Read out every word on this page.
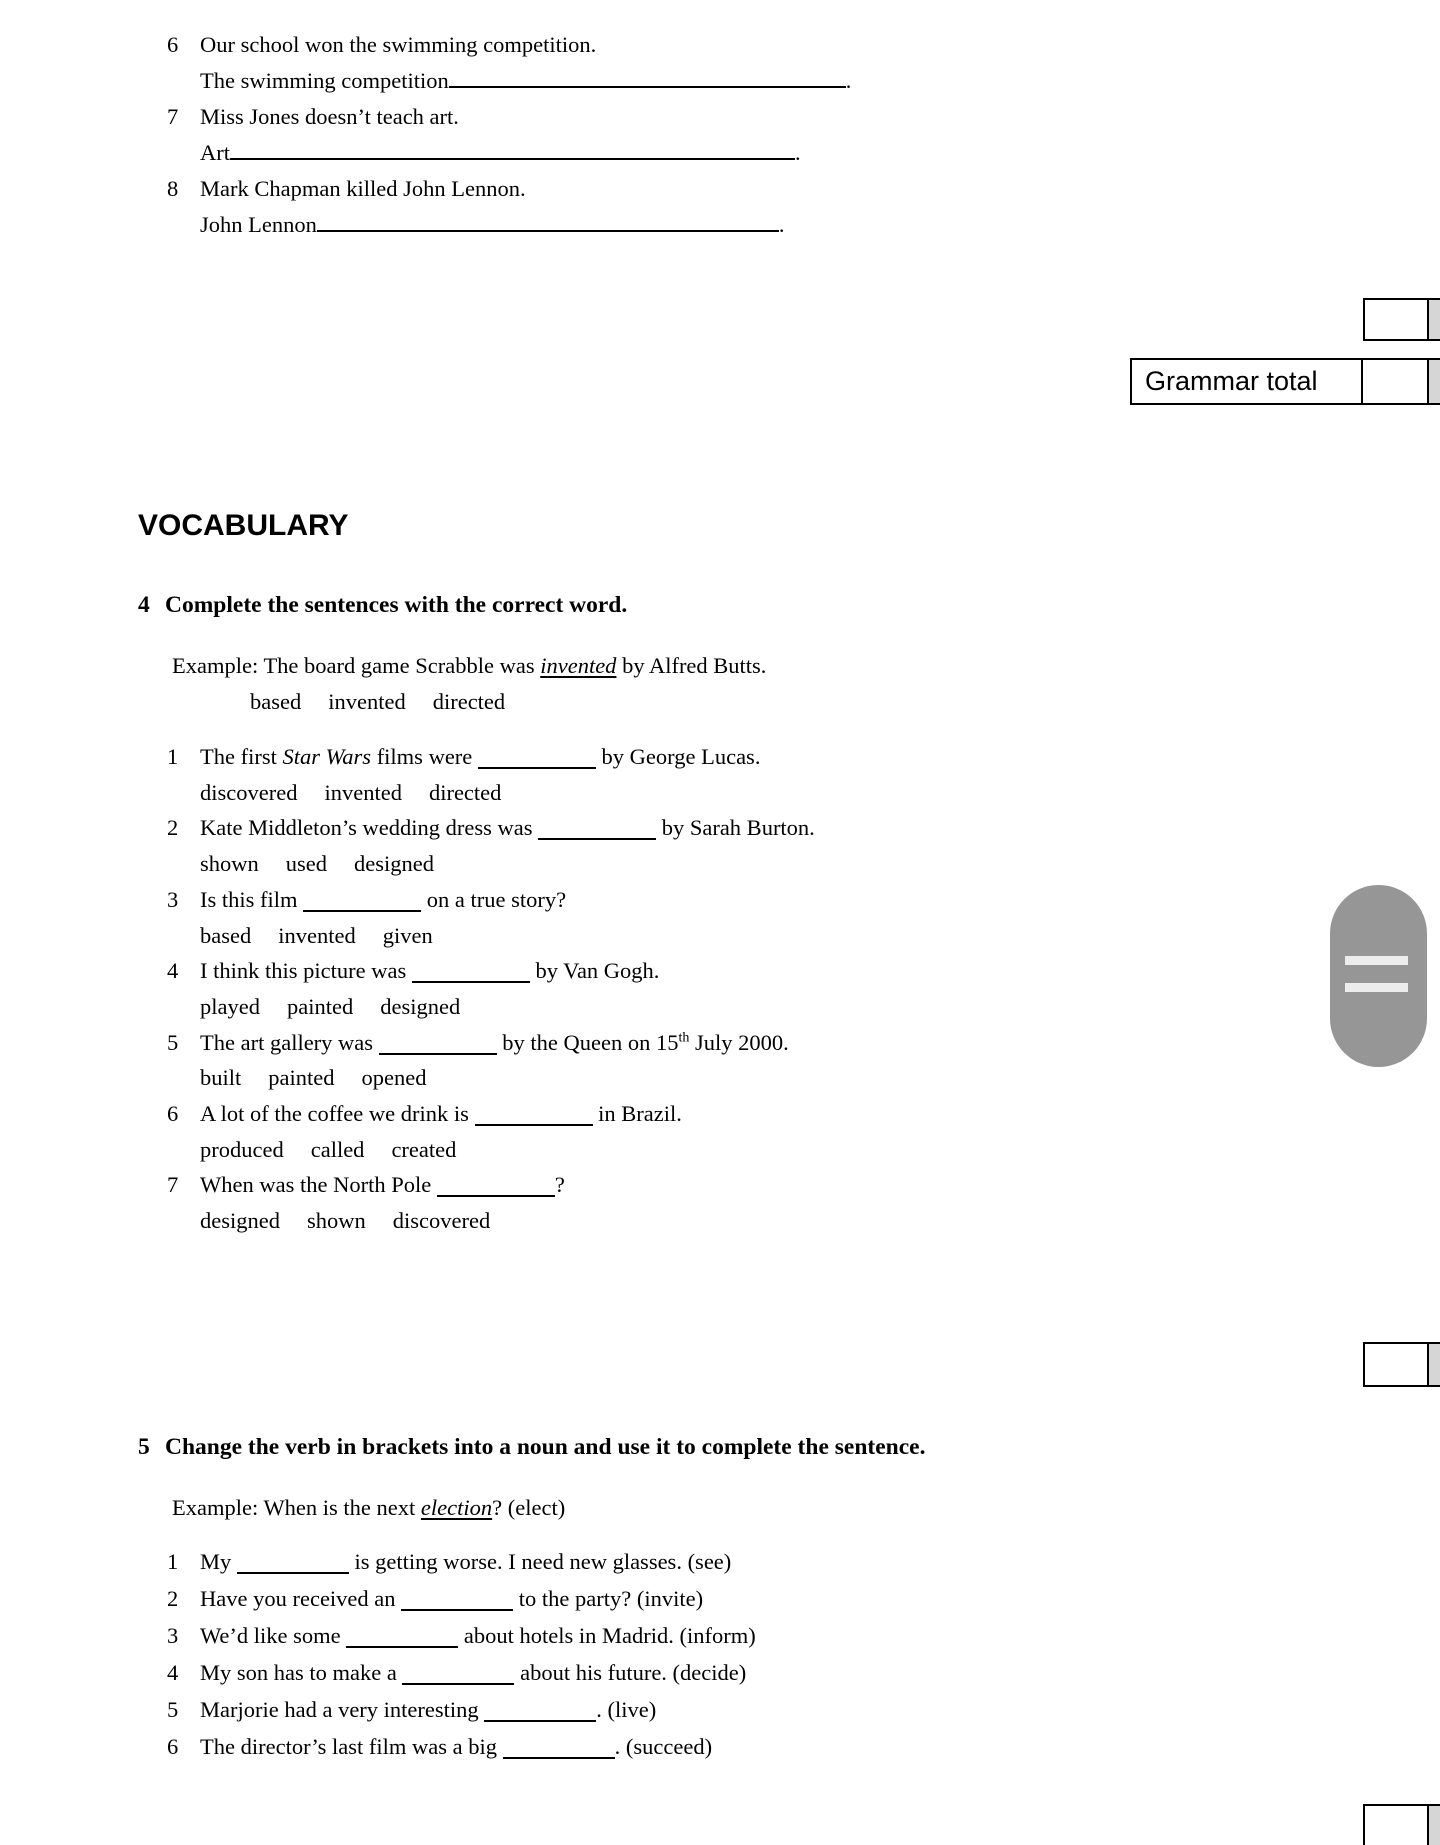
6 Our school won the swimming competition.
The swimming competition	.
7 Miss Jones doesn’t teach art.
Art	.
8 Mark Chapman killed John Lennon.
John Lennon	.
Grammar total
VOCABULARY
4 Complete the sentences with the correct word.
Example: The board game Scrabble was invented by Alfred Butts.
based invented directed
1 The first Star Wars films were	by George Lucas.
discovered invented directed
2 Kate Middleton’s wedding dress was	by Sarah Burton.
shown used designed
3 Is this film	on a true story?
based invented given
4 I think this picture was	by Van Gogh.
played painted designed
5 The art gallery was	by the Queen on 15th July 2000.
built painted opened
6 A lot of the coffee we drink is	in Brazil.
produced called created
7 When was the North Pole	?
designed shown discovered
5 Change the verb in brackets into a noun and use it to complete the sentence.
Example: When is the next election? (elect)
1 My	is getting worse. I need new glasses. (see)
2 Have you received an	to the party? (invite)
3 We’d like some	about hotels in Madrid. (inform)
4 My son has to make a	about his future. (decide)
5 Marjorie had a very interesting	. (live)
6 The director’s last film was a big	. (succeed)
